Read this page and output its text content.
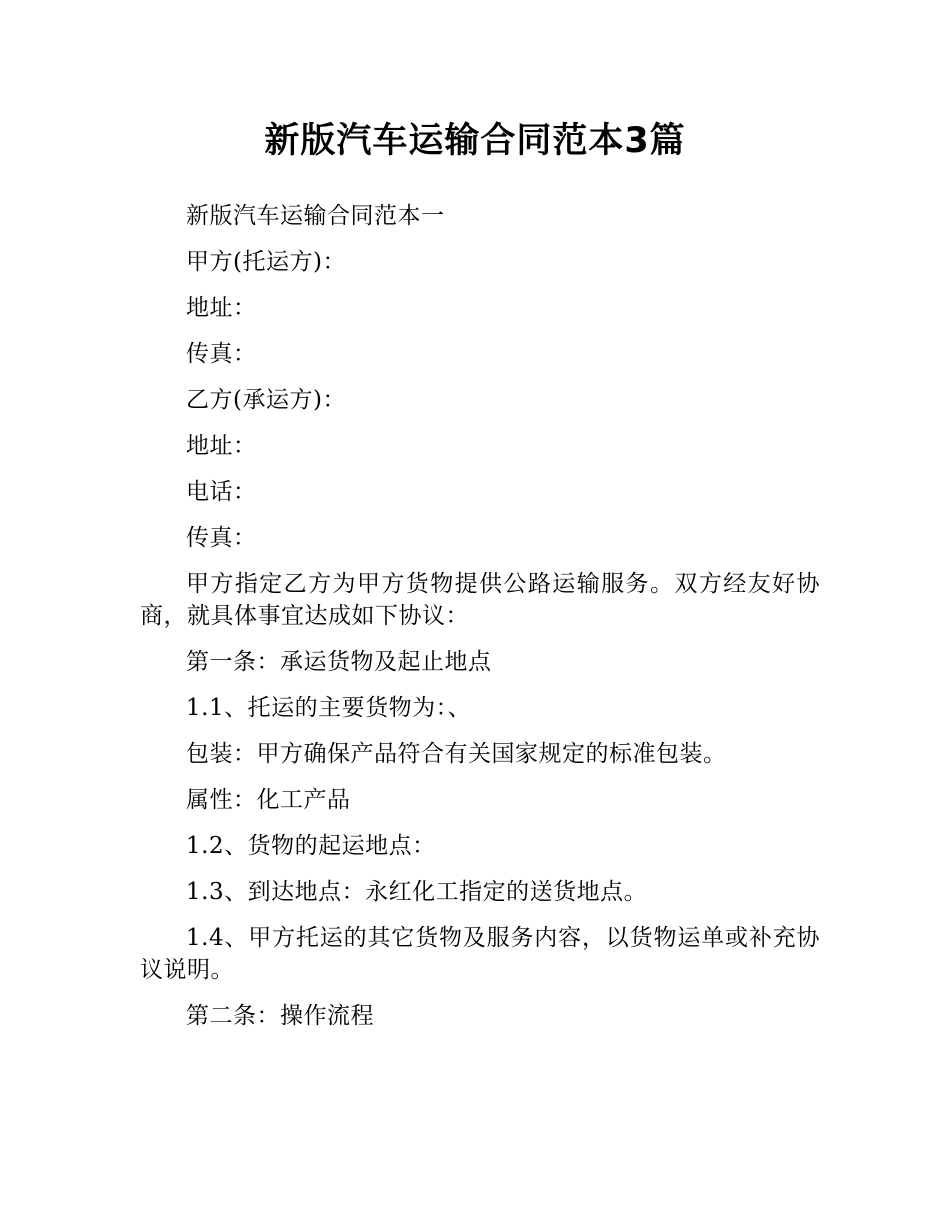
新版汽车运输合同范本3篇

新版汽车运输合同范本一

甲方(托运方)：

地址：

传真：

乙方(承运方)：

地址：

电话：

传真：

甲方指定乙方为甲方货物提供公路运输服务。双方经友好协商，就具体事宜达成如下协议：

第一条：承运货物及起止地点

1.1、托运的主要货物为：、

包装：甲方确保产品符合有关国家规定的标准包装。

属性：化工产品

1.2、货物的起运地点：

1.3、到达地点：永红化工指定的送货地点。

1.4、甲方托运的其它货物及服务内容，以货物运单或补充协议说明。

第二条：操作流程
